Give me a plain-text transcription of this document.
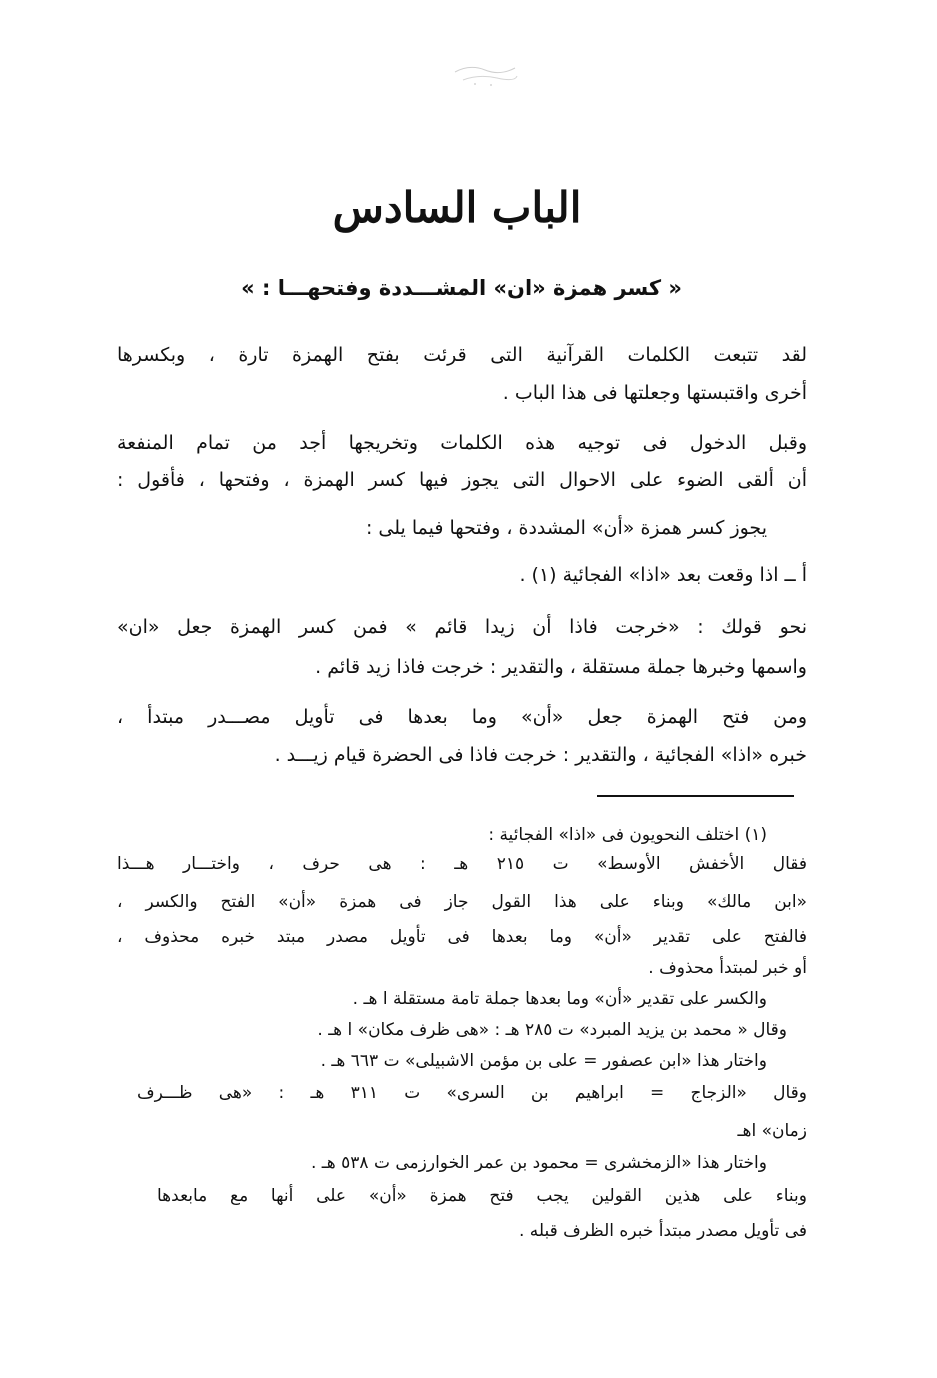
الباب السادس
« كسر همزة «ان» المشـــددة وفتحهـــا : »
لقد تتبعت الكلمات القرآنية التى قرئت بفتح الهمزة تارة ، وبكسرها
أخرى واقتبستها وجعلتها فى هذا الباب .
وقبل الدخول فى توجيه هذه الكلمات وتخريجها أجد من تمام المنفعة
أن ألقى الضوء على الاحوال التى يجوز فيها كسر الهمزة ، وفتحها ، فأقول :
يجوز كسر همزة «أن» المشددة ، وفتحها فيما يلى :
أ ــ اذا وقعت بعد «اذا» الفجائية (١) .
نحو قولك : «خرجت فاذا أن زيدا قائم » فمن كسر الهمزة جعل «ان»
واسمها وخبرها جملة مستقلة ، والتقدير : خرجت فاذا زيد قائم .
ومن فتح الهمزة جعل «أن» وما بعدها فى تأويل مصـــدر مبتدأ ،
خبره «اذا» الفجائية ، والتقدير : خرجت فاذا فى الحضرة قيام زيـــد .
(١) اختلف النحويون فى «اذا» الفجائية :
فقال الأخفش الأوسط» ت ٢١٥ هـ : هى حرف ، واختـــار هـــذا
«ابن مالك» وبناء على هذا القول جاز فى همزة «أن» الفتح والكسر ،
فالفتح على تقدير «أن» وما بعدها فى تأويل مصدر مبتد خبره محذوف ،
أو خبر لمبتدأ محذوف .
والكسر على تقدير «أن» وما بعدها جملة تامة مستقلة ا هـ .
وقال « محمد بن يزيد المبرد» ت ٢٨٥ هـ : «هى ظرف مكان» ا هـ .
واختار هذا «ابن عصفور = على بن مؤمن الاشبيلى» ت ٦٦٣ هـ .
وقال «الزجاج = ابراهيم بن السرى» ت ٣١١ هـ : «هى ظـــرف
زمان» اهـ
واختار هذا «الزمخشرى = محمود بن عمر الخوارزمى ت ٥٣٨ هـ .
وبناء على هذين القولين يجب فتح همزة «أن» على أنها مع مابعدها
فى تأويل مصدر مبتدأ خبره الظرف قبله .
